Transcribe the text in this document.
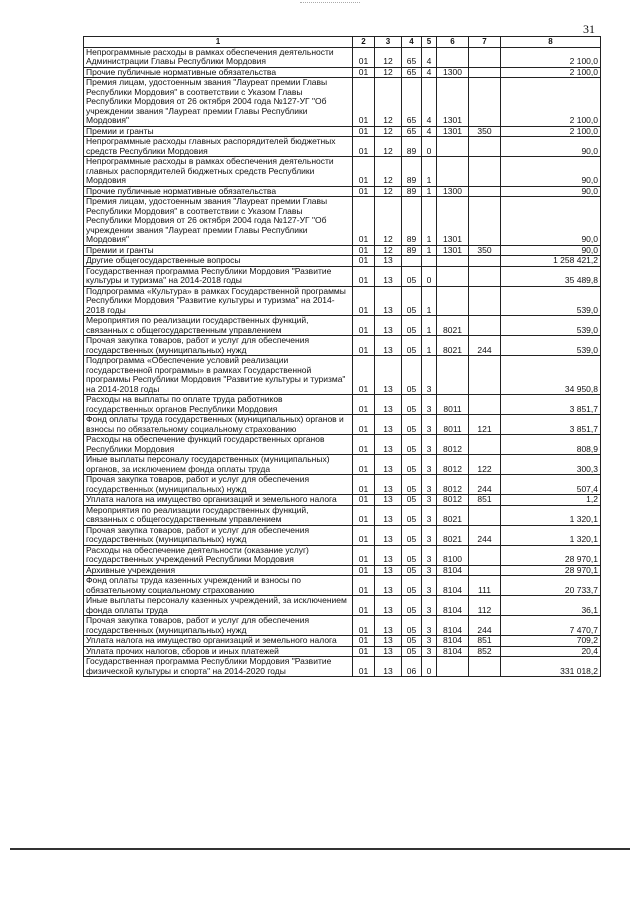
31
1	2	3	4	5	6	7	8
Непрограммные расходы в рамках обеспечения деятельности Администрации Главы Республики Мордовия	01	12	65	4			2 100,0
Прочие публичные нормативные обязательства	01	12	65	4	1300		2 100,0
Премия лицам, удостоенным звания "Лауреат премии Главы Республики Мордовия" в соответствии с Указом Главы Республики Мордовия от 26 октября 2004 года №127-УГ "Об учреждении звания "Лауреат премии Главы Республики Мордовия"	01	12	65	4	1301		2 100,0
Премии и гранты	01	12	65	4	1301	350	2 100,0
Непрограммные расходы главных распорядителей бюджетных средств Республики Мордовия	01	12	89	0			90,0
Непрограммные расходы в рамках обеспечения деятельности главных распорядителей бюджетных средств Республики Мордовия	01	12	89	1			90,0
Прочие публичные нормативные обязательства	01	12	89	1	1300		90,0
Премия лицам, удостоенным звания "Лауреат премии Главы Республики Мордовия" в соответствии с Указом Главы Республики Мордовия от 26 октября 2004 года №127-УГ "Об учреждении звания "Лауреат премии Главы Республики Мордовия"	01	12	89	1	1301		90,0
Премии и гранты	01	12	89	1	1301	350	90,0
Другие общегосударственные вопросы	01	13					1 258 421,2
Государственная программа Республики Мордовия "Развитие культуры и туризма" на 2014-2018 годы	01	13	05	0			35 489,8
Подпрограмма «Культура» в рамках Государственной программы Республики Мордовия "Развитие культуры и туризма" на 2014-2018 годы	01	13	05	1			539,0
Мероприятия по реализации государственных функций, связанных с общегосударственным управлением	01	13	05	1	8021		539,0
Прочая закупка товаров, работ и услуг для обеспечения государственных (муниципальных) нужд	01	13	05	1	8021	244	539,0
Подпрограмма «Обеспечение условий реализации государственной программы» в рамках Государственной программы Республики Мордовия "Развитие культуры и туризма" на 2014-2018 годы	01	13	05	3			34 950,8
Расходы на выплаты по оплате труда работников государственных органов Республики Мордовия	01	13	05	3	8011		3 851,7
Фонд оплаты труда государственных (муниципальных) органов и взносы по обязательному социальному страхованию	01	13	05	3	8011	121	3 851,7
Расходы на обеспечение функций государственных органов Республики Мордовия	01	13	05	3	8012		808,9
Иные выплаты персоналу государственных (муниципальных) органов, за исключением фонда оплаты труда	01	13	05	3	8012	122	300,3
Прочая закупка товаров, работ и услуг для обеспечения государственных (муниципальных) нужд	01	13	05	3	8012	244	507,4
Уплата налога на имущество организаций и земельного налога	01	13	05	3	8012	851	1,2
Мероприятия по реализации государственных функций, связанных с общегосударственным управлением	01	13	05	3	8021		1 320,1
Прочая закупка товаров, работ и услуг для обеспечения государственных (муниципальных) нужд	01	13	05	3	8021	244	1 320,1
Расходы на обеспечение деятельности (оказание услуг) государственных учреждений Республики Мордовия	01	13	05	3	8100		28 970,1
Архивные учреждения	01	13	05	3	8104		28 970,1
Фонд оплаты труда казенных учреждений и взносы по обязательному социальному страхованию	01	13	05	3	8104	111	20 733,7
Иные выплаты персоналу казенных учреждений, за исключением фонда оплаты труда	01	13	05	3	8104	112	36,1
Прочая закупка товаров, работ и услуг для обеспечения государственных (муниципальных) нужд	01	13	05	3	8104	244	7 470,7
Уплата налога на имущество организаций и земельного налога	01	13	05	3	8104	851	709,2
Уплата прочих налогов, сборов и иных платежей	01	13	05	3	8104	852	20,4
Государственная программа Республики Мордовия "Развитие физической культуры и спорта" на 2014-2020 годы	01	13	06	0			331 018,2
